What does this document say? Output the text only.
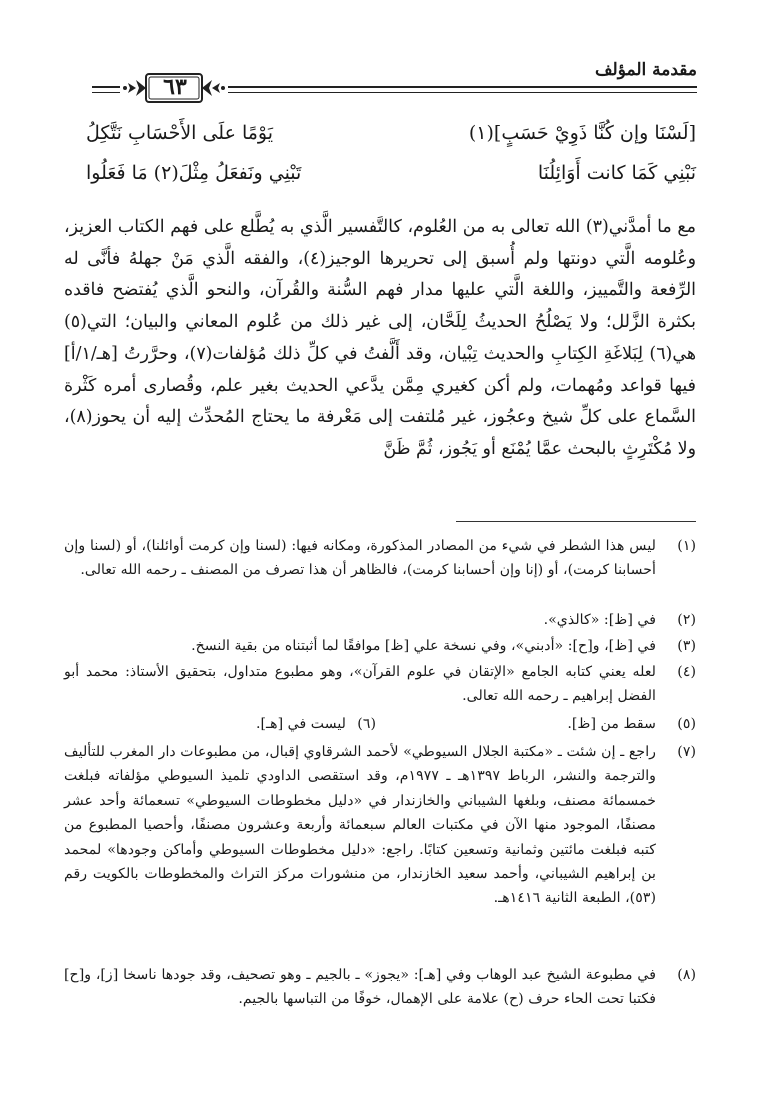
مقدمة المؤلف
٦٣
[لَسْنَا وإن كُنَّا ذَوِيْ حَسَبٍ](١)
يَوْمًا علَى الأَحْسَابِ نَتَّكِلُ
نَبْنِي كَمَا كانت أَوَائِلُنَا
تَبْنِي ونَفعَلُ مِثْلَ(٢) مَا فَعَلُوا

مع ما أمدَّني(٣) الله تعالى به من العُلوم، كالتَّفسير الَّذي به يُطَّلع على فهم الكتاب العزيز، وعُلومه الَّتي دونتها ولم أُسبق إلى تحريرها الوجيز(٤)، والفقه الَّذي مَنْ جهلهُ فأنَّى له الرِّفعة والتَّمييز، واللغة الَّتي عليها مدار فهم السُّنة والقُرآن، والنحو الَّذي يُفتضح فاقده بكثرة الزَّلل؛ ولا يَصْلُحُ الحديثُ لِلَحَّان، إلى غير ذلك من عُلوم المعاني والبيان؛ التي(٥) هي(٦) لِبَلاغَةِ الكِتابِ والحديث تِبْيان، وقد أَلَّفتُ في كلِّ ذلك مُؤلفات(٧)، وحرَّرتُ [هـ/١/أ] فيها قواعد ومُهمات، ولم أكن كغيري مِمَّن يدَّعي الحديث بغير علم، وقُصارى أمره كَثْرة السَّماع على كلِّ شيخ وعجُوز، غير مُلتفت إلى مَعْرفة ما يحتاج المُحدِّث إليه أن يحوز(٨)، ولا مُكْتَرِثٍ بالبحث عمَّا يُمْنَع أو يَجُوز، ثُمَّ ظَنَّ

(١)
ليس هذا الشطر في شيء من المصادر المذكورة، ومكانه فيها: (لسنا وإن كرمت أوائلنا)، أو (لسنا وإن أحسابنا كرمت)، أو (إنا وإن أحسابنا كرمت)، فالظاهر أن هذا تصرف من المصنف ـ رحمه الله تعالى.
(٢)
في [ظ]: «كالذي».
(٣)
في [ظ]، و[ح]: «أدبني»، وفي نسخة علي [ظ] موافقًا لما أثبتناه من بقية النسخ.
(٤)
لعله يعني كتابه الجامع «الإتقان في علوم القرآن»، وهو مطبوع متداول، بتحقيق الأستاذ: محمد أبو الفضل إبراهيم ـ رحمه الله تعالى.
(٥)
سقط من [ظ].
(٦)
ليست في [هـ].
(٧)
راجع ـ إن شئت ـ «مكتبة الجلال السيوطي» لأحمد الشرقاوي إقبال، من مطبوعات دار المغرب للتأليف والترجمة والنشر، الرباط ١٣٩٧هـ ـ ١٩٧٧م، وقد استقصى الداودي تلميذ السيوطي مؤلفاته فبلغت خمسمائة مصنف، وبلغها الشيباني والخازندار في «دليل مخطوطات السيوطي» تسعمائة وأحد عشر مصنفًا، الموجود منها الآن في مكتبات العالم سبعمائة وأربعة وعشرون مصنفًا، وأحصيا المطبوع من كتبه فبلغت مائتين وثمانية وتسعين كتابًا. راجع: «دليل مخطوطات السيوطي وأماكن وجودها» لمحمد بن إبراهيم الشيباني، وأحمد سعيد الخازندار، من منشورات مركز التراث والمخطوطات بالكويت رقم (٥٣)، الطبعة الثانية ١٤١٦هـ.
(٨)
في مطبوعة الشيخ عبد الوهاب وفي [هـ]: «يجوز» ـ بالجيم ـ وهو تصحيف، وقد جودها ناسخا [ز]، و[ح] فكتبا تحت الحاء حرف (ح) علامة على الإهمال، خوفًا من التباسها بالجيم.
